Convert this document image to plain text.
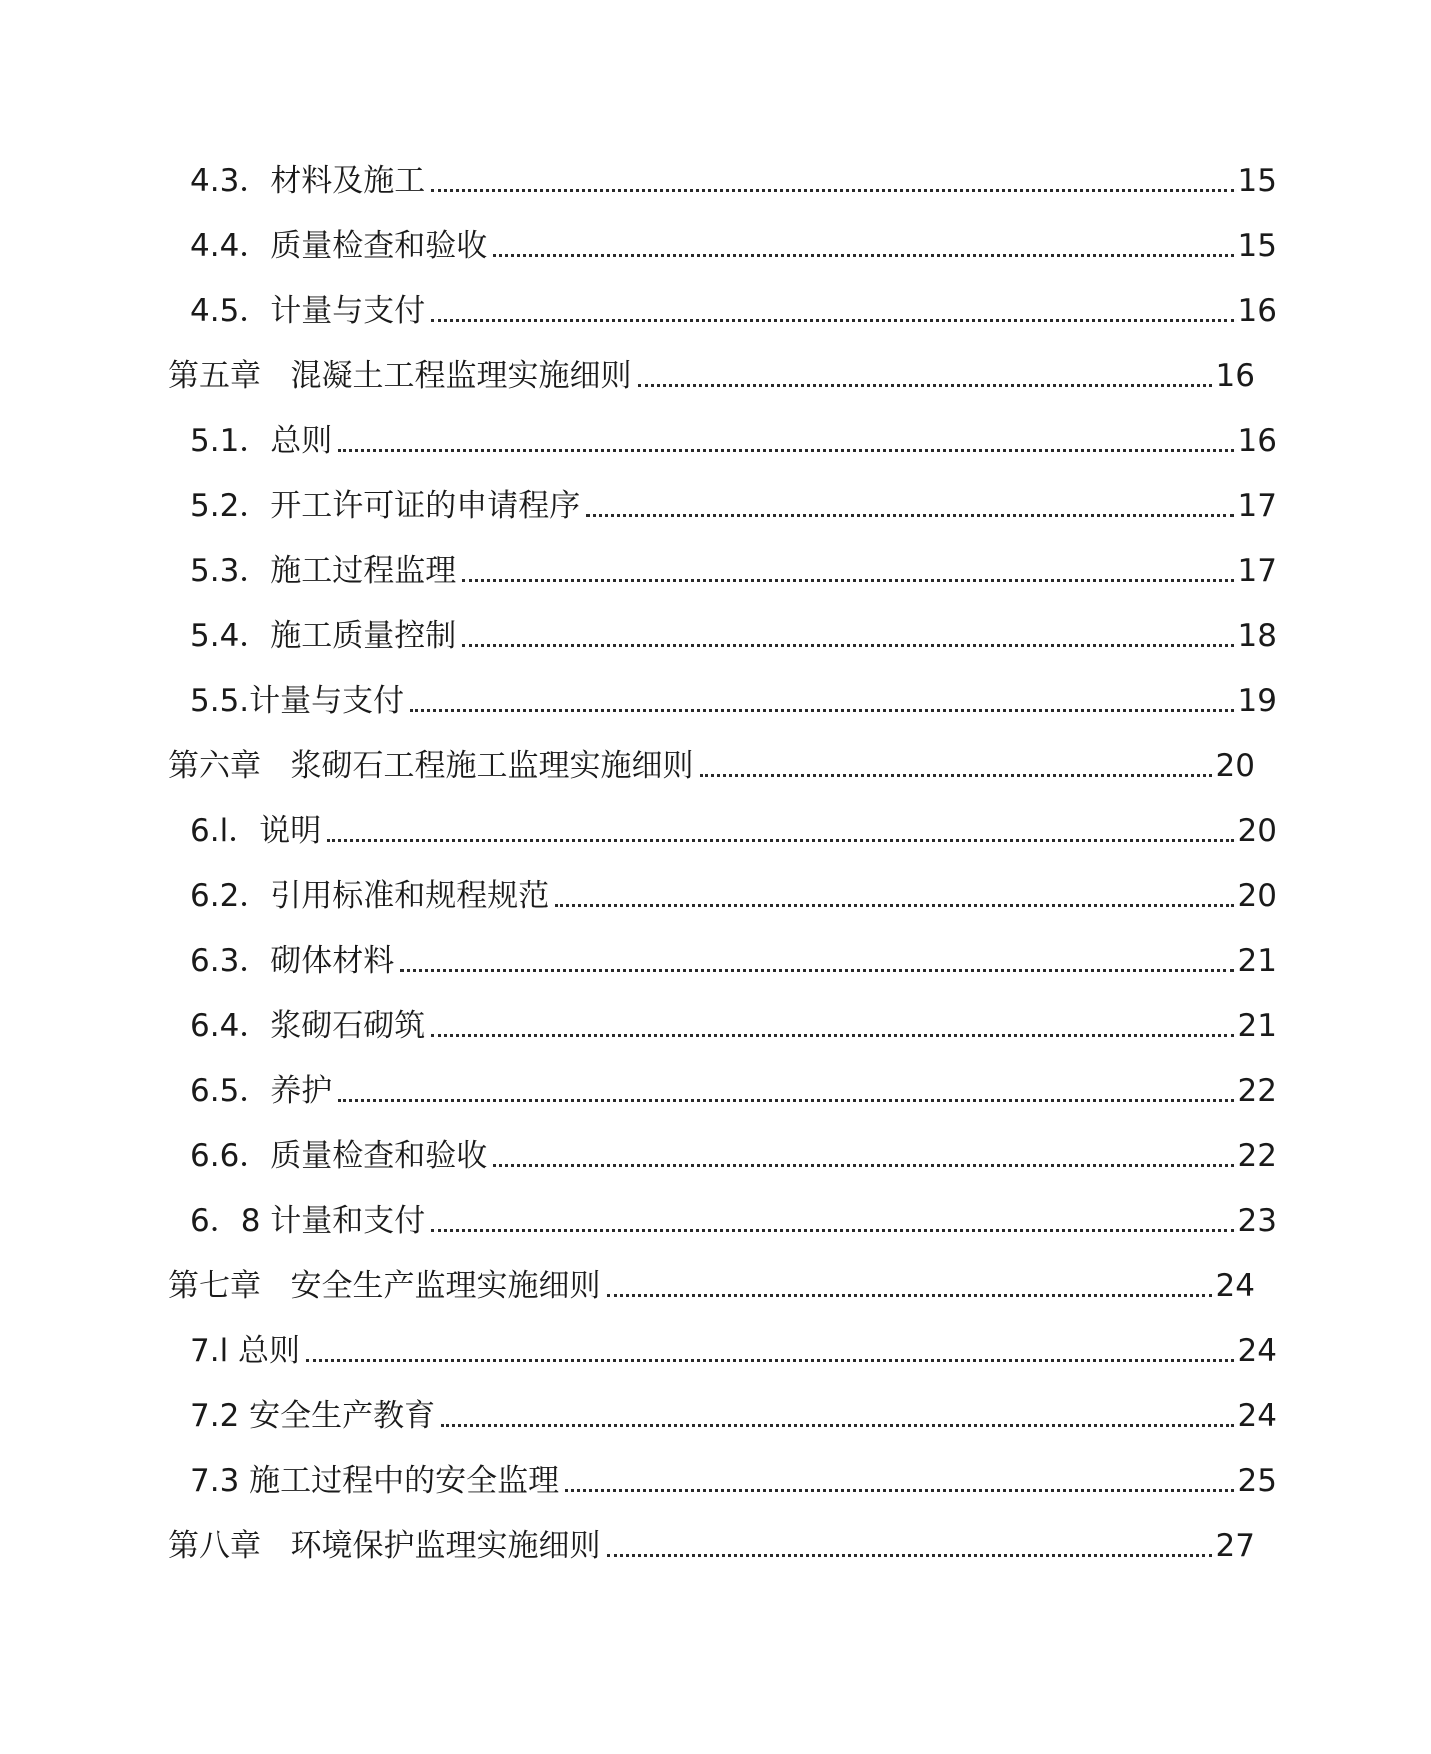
4.3．材料及施工	15
4.4．质量检查和验收	15
4.5．计量与支付	16
第五章   混凝土工程监理实施细则	16
5.1．总则	16
5.2．开工许可证的申请程序	17
5.3．施工过程监理	17
5.4．施工质量控制	18
5.5.计量与支付	19
第六章   浆砌石工程施工监理实施细则	20
6.l．说明	20
6.2．引用标准和规程规范	20
6.3．砌体材料	21
6.4．浆砌石砌筑	21
6.5．养护	22
6.6．质量检查和验收	22
6．8 计量和支付	23
第七章   安全生产监理实施细则	24
7.l 总则	24
7.2 安全生产教育	24
7.3 施工过程中的安全监理	25
第八章   环境保护监理实施细则	27
